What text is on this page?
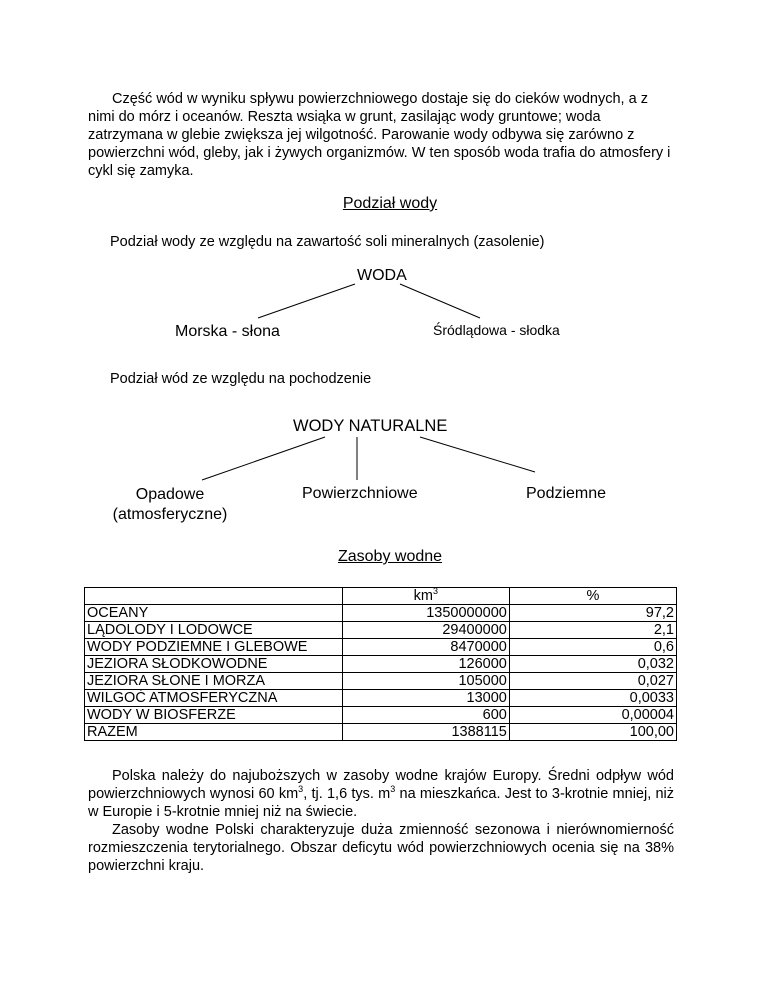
Część wód w wyniku spływu powierzchniowego dostaje się do cieków wodnych, a z nimi do mórz i oceanów. Reszta wsiąka w grunt, zasilając wody gruntowe; woda zatrzymana w glebie zwiększa jej wilgotność. Parowanie wody odbywa się zarówno z powierzchni wód, gleby, jak i żywych organizmów. W ten sposób woda trafia do atmosfery i cykl się zamyka.

Podział wody

Podział wody ze względu na zawartość soli mineralnych (zasolenie)

WODA

Morska - słona	Śródlądowa - słodka

Podział wód ze względu na pochodzenie

WODY NATURALNE

Opadowe
(atmosferyczne)

Powierzchniowe	Podziemne

Zasoby wodne

	$km^3$	%
OCEANY	1350000000	97,2
LĄDOLODY I LODOWCE	29400000	2,1
WODY PODZIEMNE I GLEBOWE	8470000	0,6
JEZIORA SŁODKOWODNE	126000	0,032
JEZIORA SŁONE I MORZA	105000	0,027
WILGOĆ ATMOSFERYCZNA	13000	0,0033
WODY W BIOSFERZE	600	0,00004
RAZEM	1388115	100,00

Polska należy do najuboższych w zasoby wodne krajów Europy. Średni odpływ wód powierzchniowych wynosi 60 $km^3$, tj. 1,6 tys. $m^3$ na mieszkańca. Jest to 3-krotnie mniej, niż w Europie i 5-krotnie mniej niż na świecie.

Zasoby wodne Polski charakteryzuje duża zmienność sezonowa i nierównomierność rozmieszczenia terytorialnego. Obszar deficytu wód powierzchniowych ocenia się na 38% powierzchni kraju.
